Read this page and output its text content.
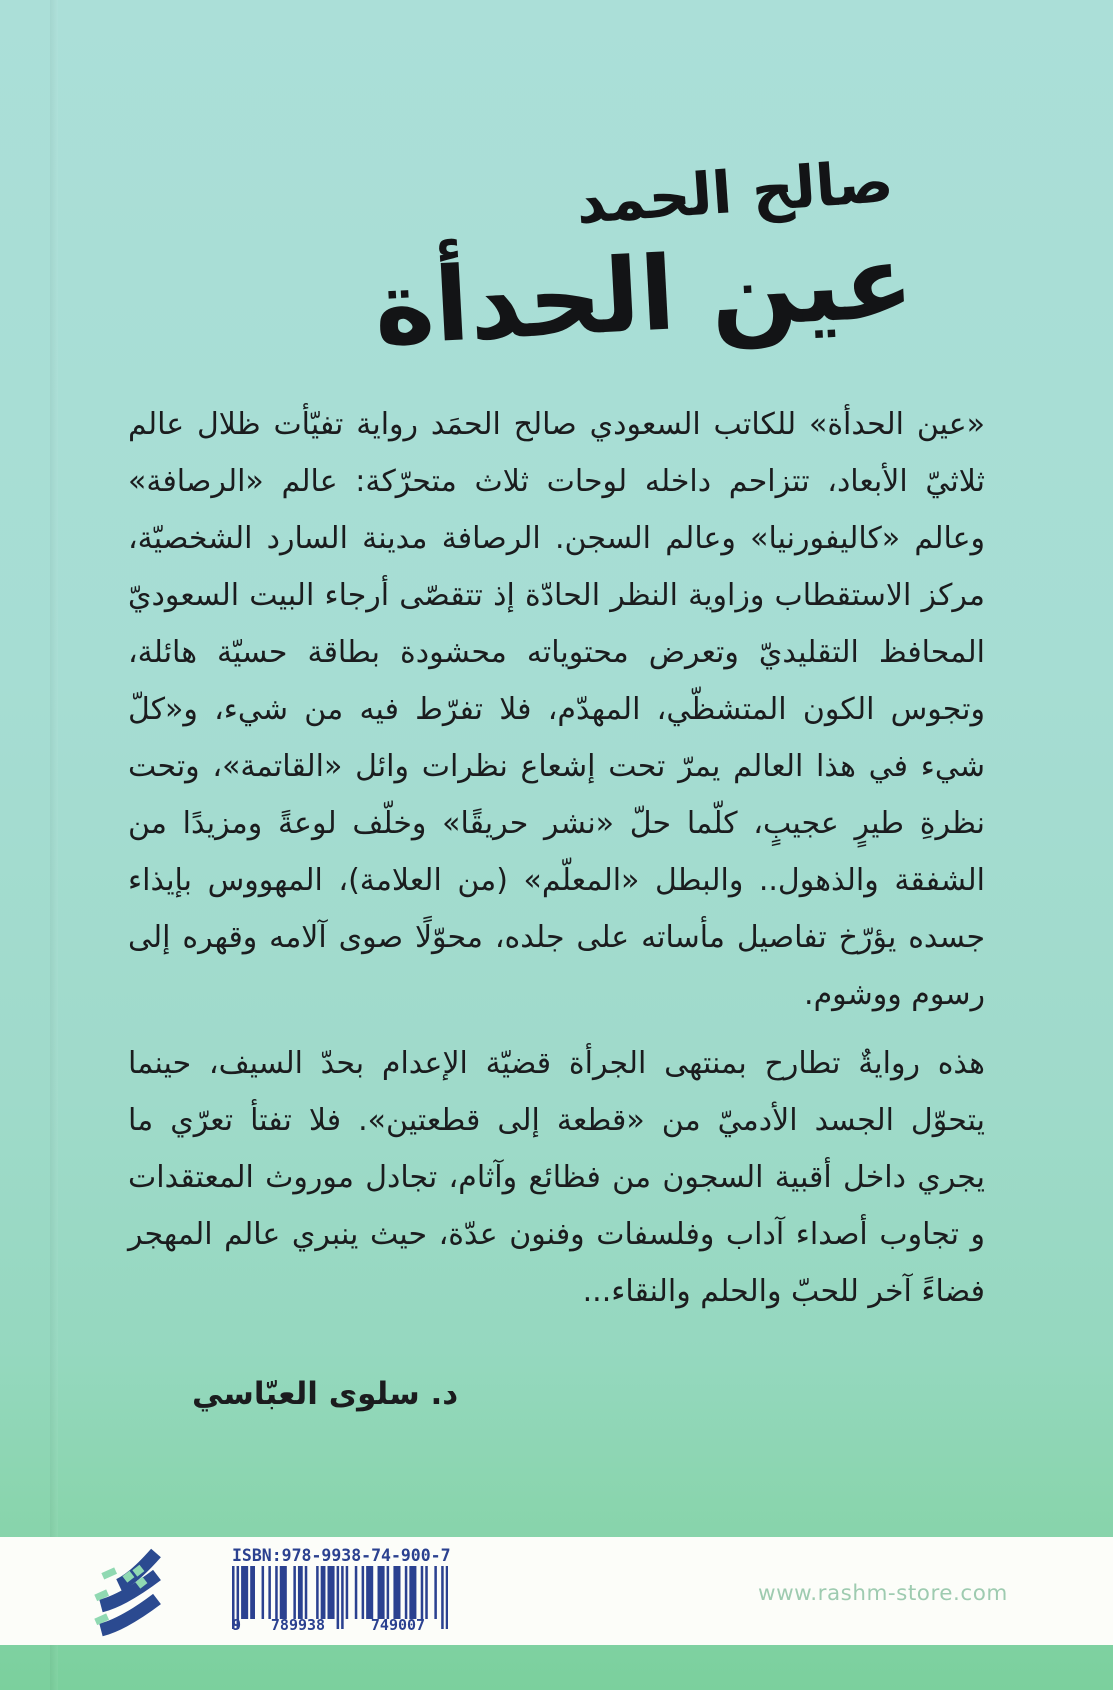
صالح الحمد
عين الحدأة

«عين الحدأة» للكاتب السعودي صالح الحمَد رواية تفيّأت ظلال عالم ثلاثيّ الأبعاد، تتزاحم داخله لوحات ثلاث متحرّكة: عالم «الرصافة» وعالم «كاليفورنيا» وعالم السجن. الرصافة مدينة السارد الشخصيّة، مركز الاستقطاب وزاوية النظر الحادّة إذ تتقصّى أرجاء البيت السعوديّ المحافظ التقليديّ وتعرض محتوياته محشودة بطاقة حسيّة هائلة، وتجوس الكون المتشظّي، المهدّم، فلا تفرّط فيه من شيء، و«كلّ شيء في هذا العالم يمرّ تحت إشعاع نظرات وائل «القاتمة»، وتحت نظرةِ طيرٍ عجيبٍ، كلّما حلّ «نشر حريقًا» وخلّف لوعةً ومزيدًا من الشفقة والذهول.. والبطل «المعلّم» (من العلامة)، المهووس بإيذاء جسده يؤرّخ تفاصيل مأساته على جلده، محوّلًا صوى آلامه وقهره إلى رسوم ووشوم.

هذه روايةٌ تطارح بمنتهى الجرأة قضيّة الإعدام بحدّ السيف، حينما يتحوّل الجسد الأدميّ من «قطعة إلى قطعتين». فلا تفتأ تعرّي ما يجري داخل أقبية السجون من فظائع وآثام، تجادل موروث المعتقدات و تجاوب أصداء آداب وفلسفات وفنون عدّة، حيث ينبري عالم المهجر فضاءً آخر للحبّ والحلم والنقاء...

د. سلوى العبّاسي
ISBN:978-9938-74-900-7
9	789938	749007
www.rashm-store.com
